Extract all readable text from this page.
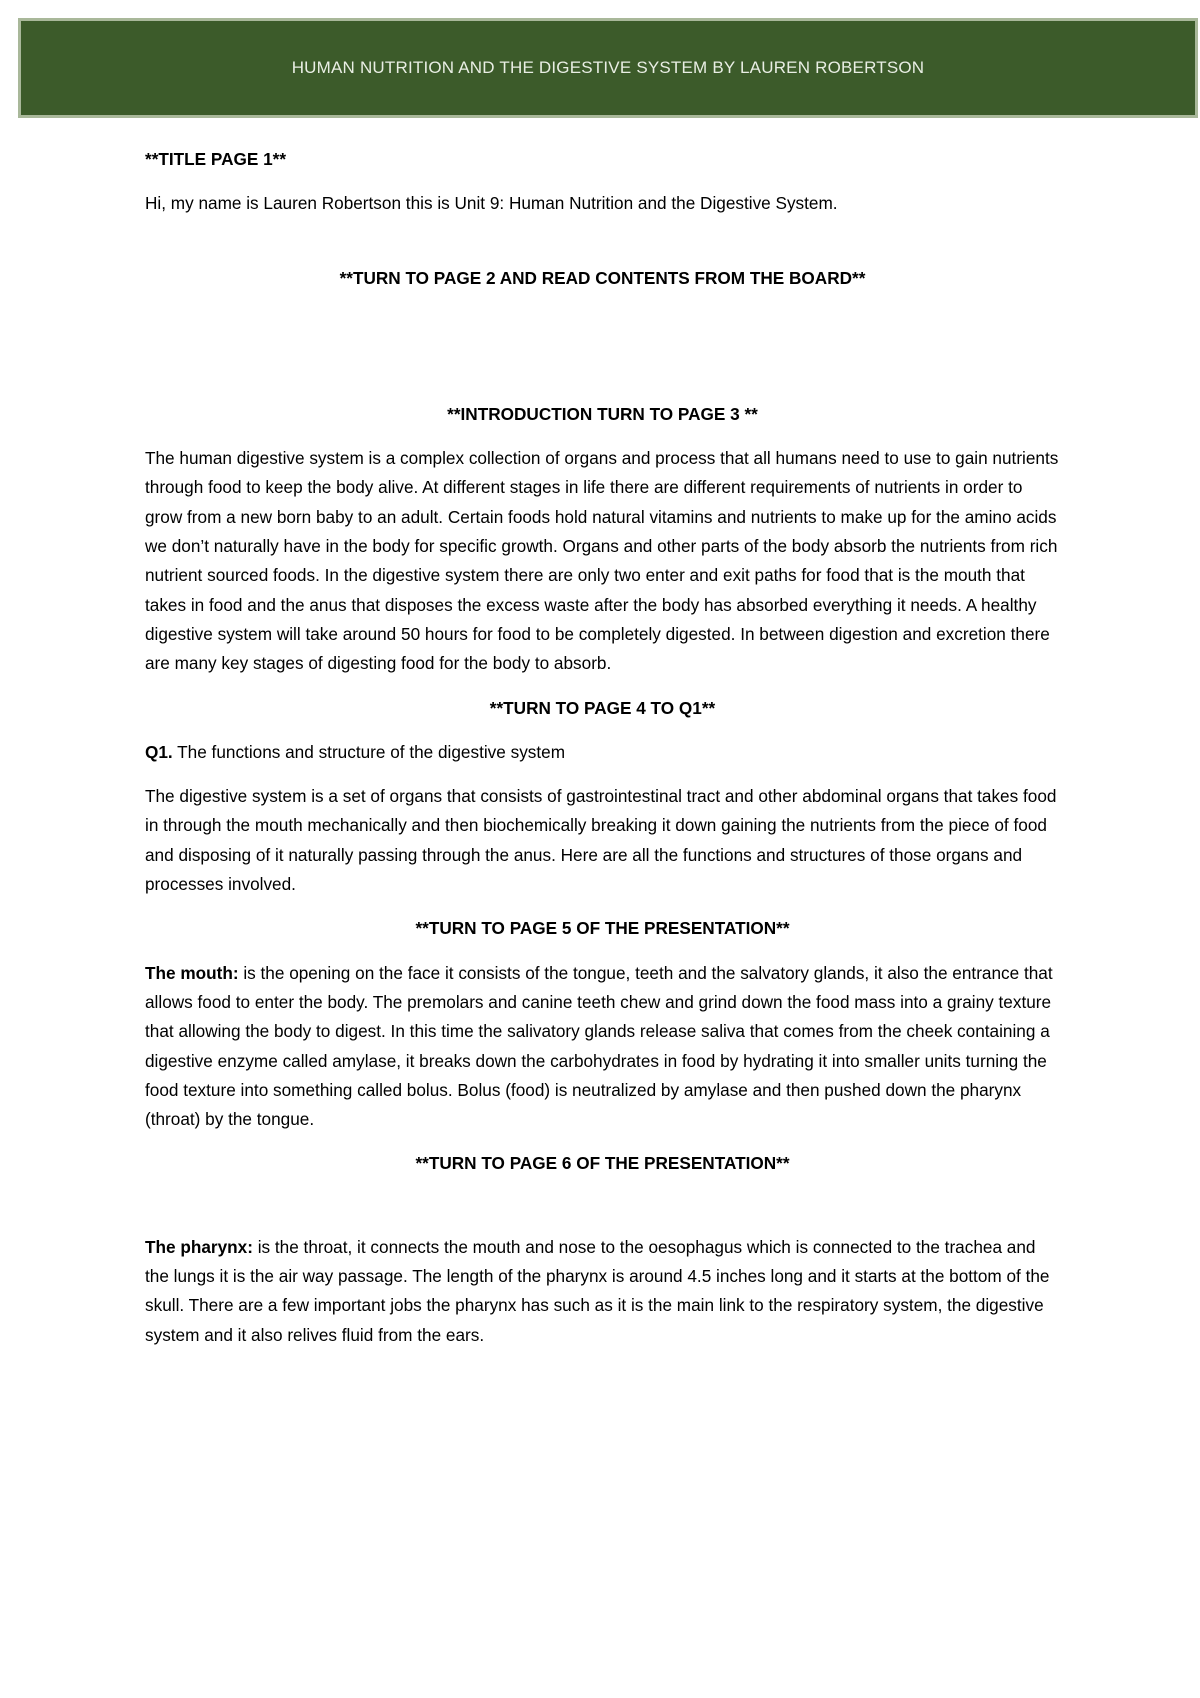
HUMAN NUTRITION AND THE DIGESTIVE SYSTEM BY LAUREN ROBERTSON

**TITLE PAGE 1**

Hi, my name is Lauren Robertson this is Unit 9: Human Nutrition and the Digestive System.

**TURN TO PAGE 2 AND READ CONTENTS FROM THE BOARD**

**INTRODUCTION TURN TO PAGE 3 **

The human digestive system is a complex collection of organs and process that all humans need to use to gain nutrients through food to keep the body alive. At different stages in life there are different requirements of nutrients in order to grow from a new born baby to an adult. Certain foods hold natural vitamins and nutrients to make up for the amino acids we don’t naturally have in the body for specific growth. Organs and other parts of the body absorb the nutrients from rich nutrient sourced foods. In the digestive system there are only two enter and exit paths for food that is the mouth that takes in food and the anus that disposes the excess waste after the body has absorbed everything it needs. A healthy digestive system will take around 50 hours for food to be completely digested. In between digestion and excretion there are many key stages of digesting food for the body to absorb.

**TURN TO PAGE 4 TO Q1**

Q1. The functions and structure of the digestive system

The digestive system is a set of organs that consists of gastrointestinal tract and other abdominal organs that takes food in through the mouth mechanically and then biochemically breaking it down gaining the nutrients from the piece of food and disposing of it naturally passing through the anus. Here are all the functions and structures of those organs and processes involved.

**TURN TO PAGE 5 OF THE PRESENTATION**

The mouth: is the opening on the face it consists of the tongue, teeth and the salvatory glands, it also the entrance that allows food to enter the body. The premolars and canine teeth chew and grind down the food mass into a grainy texture that allowing the body to digest. In this time the salivatory glands release saliva that comes from the cheek containing a digestive enzyme called amylase, it breaks down the carbohydrates in food by hydrating it into smaller units turning the food texture into something called bolus. Bolus (food) is neutralized by amylase and then pushed down the pharynx (throat) by the tongue.

**TURN TO PAGE 6 OF THE PRESENTATION**

The pharynx: is the throat, it connects the mouth and nose to the oesophagus which is connected to the trachea and the lungs it is the air way passage. The length of the pharynx is around 4.5 inches long and it starts at the bottom of the skull. There are a few important jobs the pharynx has such as it is the main link to the respiratory system, the digestive system and it also relives fluid from the ears.
